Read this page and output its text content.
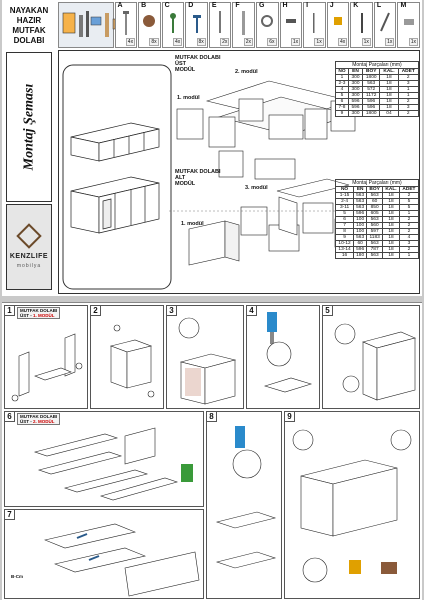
NAYAKAN
HAZIR
MUTFAK
DOLABI
A
4x
B
8x
C
4x
D
8x
E
2x
F
2x
G
6x
H
1x
I
1x
J
4x
K
1x
L
1x
M
1x
Montaj Şeması
KENZLIFE
mobilya
MUTFAK DOLABI
ÜST
MODÜL	2. modül
1. modül
Montaj Parçaları (mm)
NO	EN	BOY	KAL.	ADET
1	300	1800	18	2
2-3	300	563	18	3
4	300	572	18	1
5	300	1172	18	1
6	596	596	18	2
7-8	596	596	18	3
9	300	1800	04	2
MUTFAK DOLABI
ALT
MODÜL
3. modül
1. modül
Montaj Parçaları (mm)
NO	EN	BOY	KAL.	ADET
1-15	563	563	18	2
2-4	563	60	18	5
3-11	563	850	18	5
5	596	605	18	1
6	100	563	18	2
7	100	560	18	2
8	100	597	18	2
9	563	1183	18	4
10-12	60	563	18	3
13-14	596	787	18	2
16	180	563	18	1
1	MUTFAK DOLABI
ÜST - 1. MODÜL
2	3	4	5
6	MUTFAK DOLABI
ÜST - 2. MODÜL
7
B-Cm
8	9
